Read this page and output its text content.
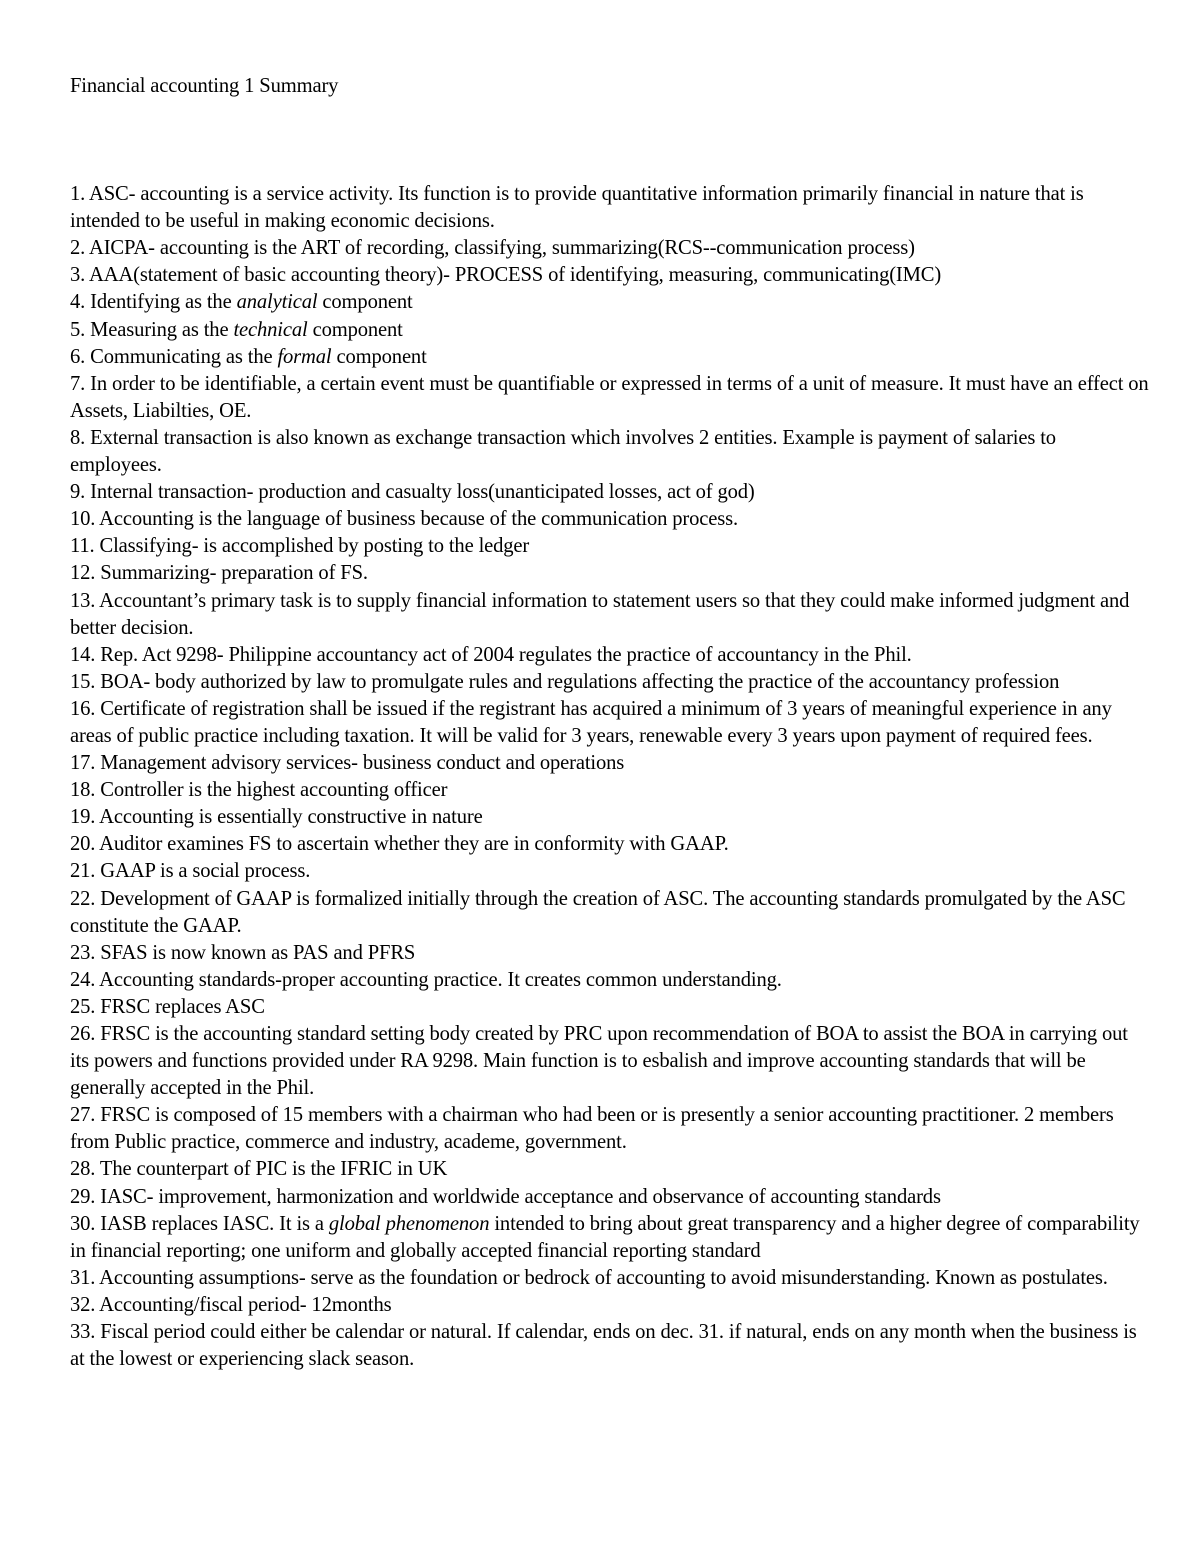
Financial accounting 1 Summary

1. ASC- accounting is a service activity. Its function is to provide quantitative information primarily financial in nature that is intended to be useful in making economic decisions.

2. AICPA- accounting is the ART of recording, classifying, summarizing(RCS--communication process)

3. AAA(statement of basic accounting theory)- PROCESS of identifying, measuring, communicating(IMC)

4. Identifying as the analytical component

5. Measuring as the technical component

6. Communicating as the formal component

7. In order to be identifiable, a certain event must be quantifiable or expressed in terms of a unit of measure. It must have an effect on Assets, Liabilties, OE.

8. External transaction is also known as exchange transaction which involves 2 entities. Example is payment of salaries to employees.

9. Internal transaction- production and casualty loss(unanticipated losses, act of god)

10. Accounting is the language of business because of the communication process.

11. Classifying- is accomplished by posting to the ledger

12. Summarizing- preparation of FS.

13. Accountant’s primary task is to supply financial information to statement users so that they could make informed judgment and better decision.

14. Rep. Act 9298- Philippine accountancy act of 2004 regulates the practice of accountancy in the Phil.

15. BOA- body authorized by law to promulgate rules and regulations affecting the practice of the accountancy profession

16. Certificate of registration shall be issued if the registrant has acquired a minimum of 3 years of meaningful experience in any areas of public practice including taxation. It will be valid for 3 years, renewable every 3 years upon payment of required fees.

17. Management advisory services- business conduct and operations

18. Controller is the highest accounting officer

19. Accounting is essentially constructive in nature

20. Auditor examines FS to ascertain whether they are in conformity with GAAP.

21. GAAP is a social process.

22. Development of GAAP is formalized initially through the creation of ASC. The accounting standards promulgated by the ASC constitute the GAAP.

23. SFAS is now known as PAS and PFRS

24. Accounting standards-proper accounting practice. It creates common understanding.

25. FRSC replaces ASC

26. FRSC is the accounting standard setting body created by PRC upon recommendation of BOA to assist the BOA in carrying out its powers and functions provided under RA 9298. Main function is to esbalish and improve accounting standards that will be generally accepted in the Phil.

27. FRSC is composed of 15 members with a chairman who had been or is presently a senior accounting practitioner. 2 members from Public practice, commerce and industry, academe, government.

28. The counterpart of PIC is the IFRIC in UK

29. IASC- improvement, harmonization and worldwide acceptance and observance of accounting standards

30. IASB replaces IASC. It is a global phenomenon intended to bring about great transparency and a higher degree of comparability in financial reporting; one uniform and globally accepted financial reporting standard

31. Accounting assumptions- serve as the foundation or bedrock of accounting to avoid misunderstanding. Known as postulates.

32. Accounting/fiscal period- 12months

33. Fiscal period could either be calendar or natural. If calendar, ends on dec. 31. if natural, ends on any month when the business is at the lowest or experiencing slack season.
